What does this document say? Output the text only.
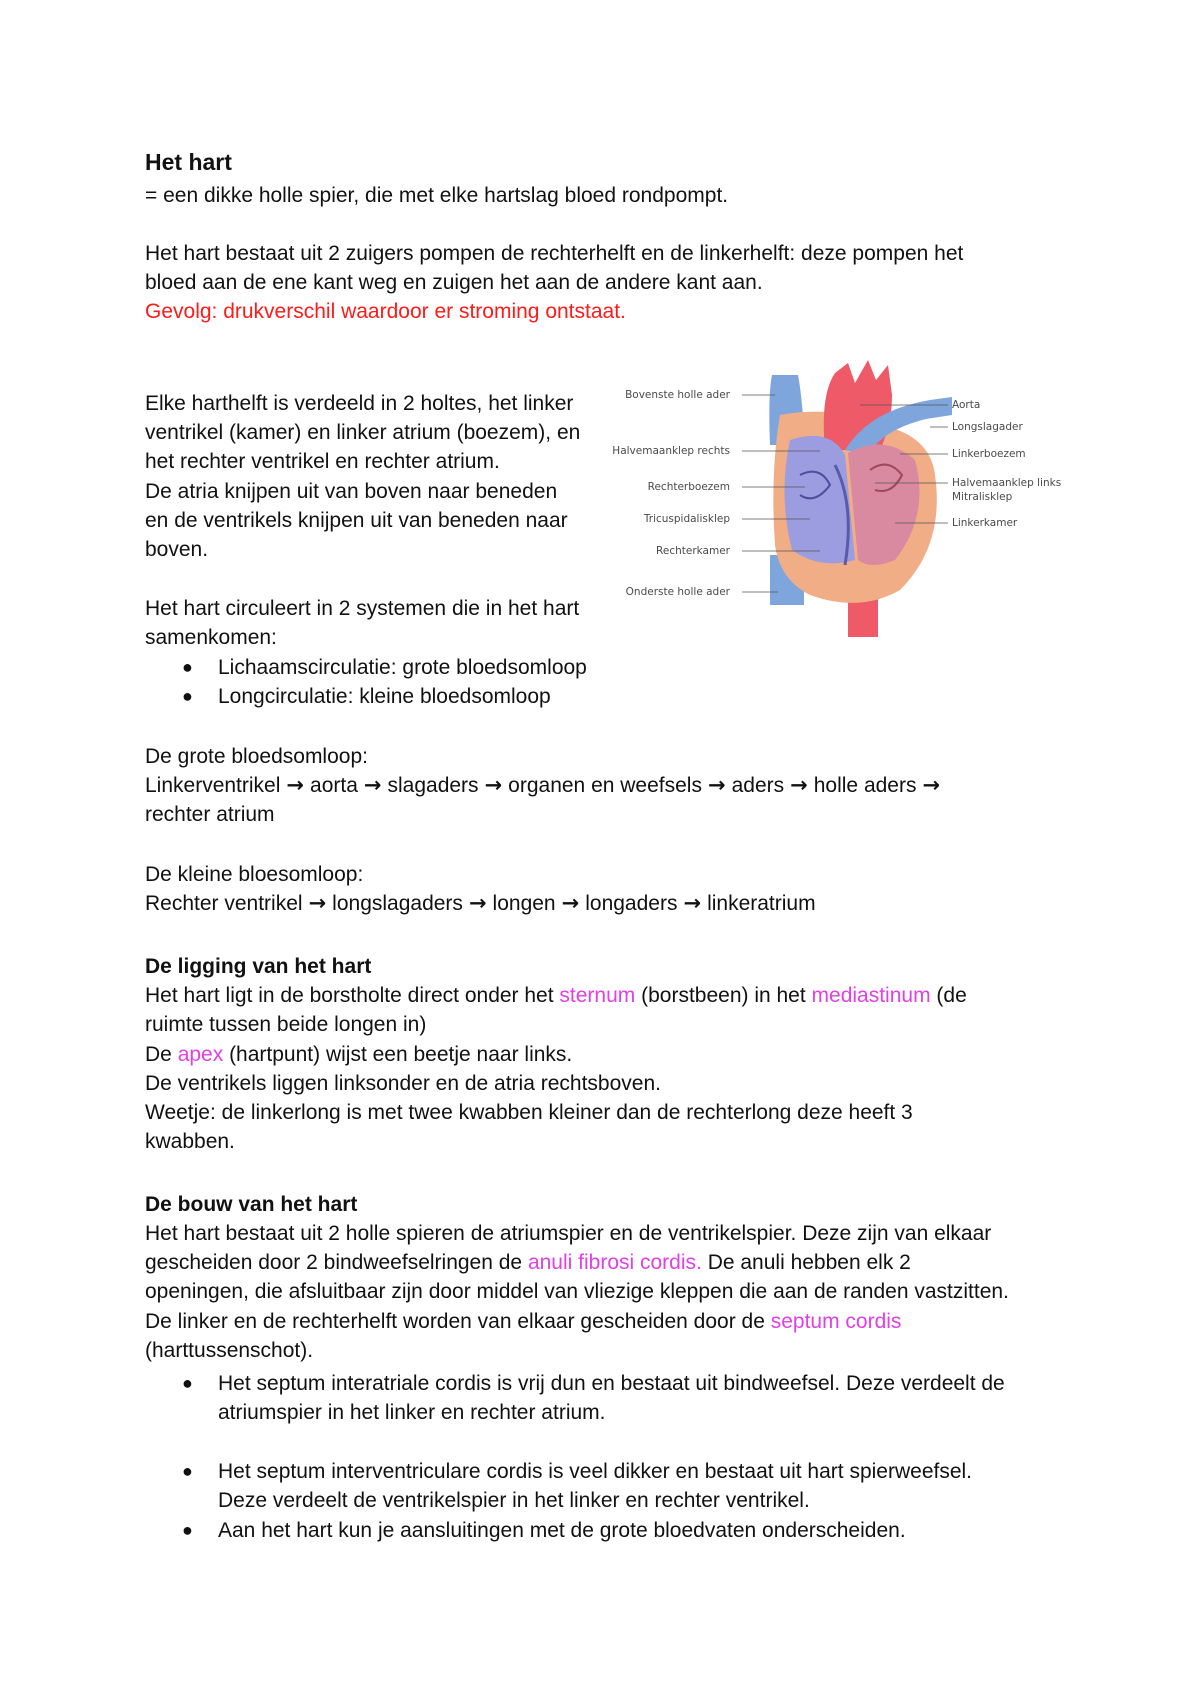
Het hart
= een dikke holle spier, die met elke hartslag bloed rondpompt.
Het hart bestaat uit 2 zuigers pompen de rechterhelft en de linkerhelft: deze pompen het
bloed aan de ene kant weg en zuigen het aan de andere kant aan.
Gevolg: drukverschil waardoor er stroming ontstaat.
Elke harthelft is verdeeld in 2 holtes, het linker
ventrikel (kamer) en linker atrium (boezem), en
het rechter ventrikel en rechter atrium.
De atria knijpen uit van boven naar beneden
en de ventrikels knijpen uit van beneden naar
boven.
Het hart circuleert in 2 systemen die in het hart
samenkomen:
● Lichaamscirculatie: grote bloedsomloop
● Longcirculatie: kleine bloedsomloop
De grote bloedsomloop:
Linkerventrikel → aorta → slagaders → organen en weefsels → aders → holle aders →
rechter atrium
De kleine bloesomloop:
Rechter ventrikel → longslagaders → longen → longaders → linkeratrium
De ligging van het hart
Het hart ligt in de borstholte direct onder het sternum (borstbeen) in het mediastinum (de
ruimte tussen beide longen in)
De apex (hartpunt) wijst een beetje naar links.
De ventrikels liggen linksonder en de atria rechtsboven.
Weetje: de linkerlong is met twee kwabben kleiner dan de rechterlong deze heeft 3
kwabben.
De bouw van het hart
Het hart bestaat uit 2 holle spieren de atriumspier en de ventrikelspier. Deze zijn van elkaar
gescheiden door 2 bindweefselringen de anuli fibrosi cordis. De anuli hebben elk 2
openingen, die afsluitbaar zijn door middel van vliezige kleppen die aan de randen vastzitten.
De linker en de rechterhelft worden van elkaar gescheiden door de septum cordis
(harttussenschot).
● Het septum interatriale cordis is vrij dun en bestaat uit bindweefsel. Deze verdeelt de
atriumspier in het linker en rechter atrium.
● Het septum interventriculare cordis is veel dikker en bestaat uit hart spierweefsel.
Deze verdeelt de ventrikelspier in het linker en rechter ventrikel.
● Aan het hart kun je aansluitingen met de grote bloedvaten onderscheiden.
Bovenste holle ader
Halvemaanklep rechts
Rechterboezem
Tricuspidalisklep
Rechterkamer
Onderste holle ader
Aorta
Longslagader
Linkerboezem
Halvemaanklep links
Mitralisklep
Linkerkamer
